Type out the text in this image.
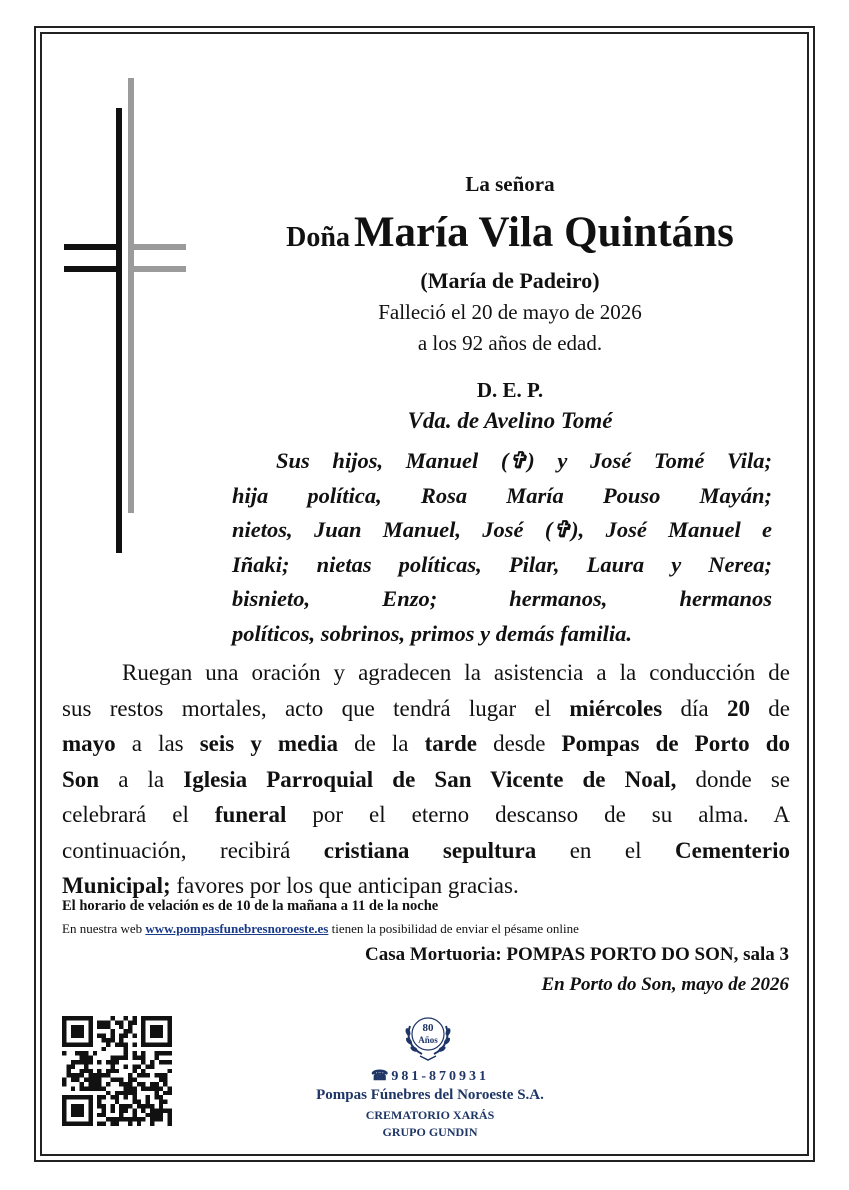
La señora
Doña María Vila Quintáns
(María de Padeiro)
Falleció el 20 de mayo de 2026
a los 92 años de edad.
D. E. P.
Vda. de Avelino Tomé
Sus hijos, Manuel (✞) y José Tomé Vila;
hija política, Rosa María Pouso Mayán;
nietos, Juan Manuel, José (✞), José Manuel e
Iñaki; nietas políticas, Pilar, Laura y Nerea;
bisnieto, Enzo; hermanos, hermanos
políticos, sobrinos, primos y demás familia.
Ruegan una oración y agradecen la asistencia a la conducción de
sus restos mortales, acto que tendrá lugar el miércoles día 20 de
mayo a las seis y media de la tarde desde Pompas de Porto do
Son a la Iglesia Parroquial de San Vicente de Noal, donde se
celebrará el funeral por el eterno descanso de su alma. A
continuación, recibirá cristiana sepultura en el Cementerio
Municipal; favores por los que anticipan gracias.
El horario de velación es de 10 de la mañana a 11 de la noche
En nuestra web www.pompasfunebresnoroeste.es tienen la posibilidad de enviar el pésame online
Casa Mortuoria: POMPAS PORTO DO SON, sala 3
En Porto do Son, mayo de 2026
80
Años
☎981-870931
Pompas Fúnebres del Noroeste S.A.
CREMATORIO XARÁS
GRUPO GUNDIN
